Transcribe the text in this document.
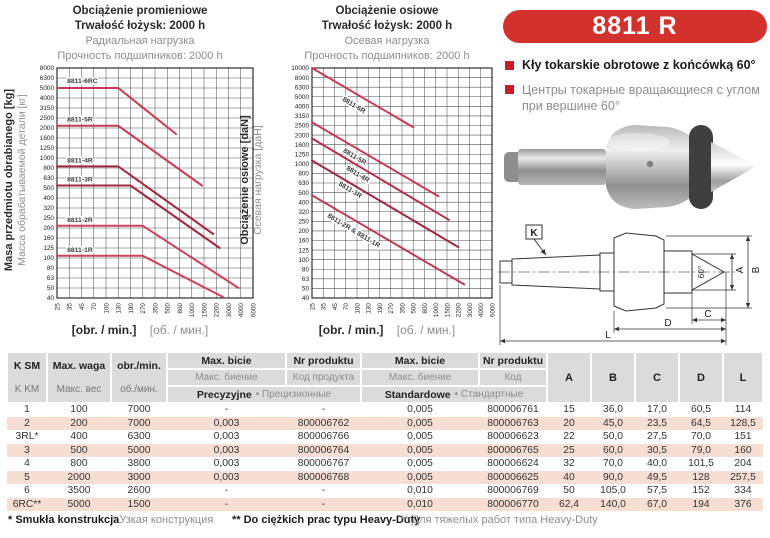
Obciążenie promieniowe
Trwałość łożysk: 2000 h
Радиальная нагрузка
Прочность подшипников: 2000 h
Masa przedmiotu obrabianego [kg] Масса обрабатываемой детали [кг]
8000
6300
5000
4000
3150
2500
2000
1600
1250
1000
800
630
500
400
320
250
200
160
125
100
80
63
50
40
25 35 45 70 100 130 190 270 350 500 800 1000 1500 2200 3000 4000 6000
8811-6RC
8811-5R
8811-4R
8811-3R
8811-2R
8811-1R
[obr. / min.] [об. / мин.]
Obciążenie osiowe
Trwałość łożysk: 2000 h
Осевая нагрузка
Прочность подшипников: 2000 h
Obciążenie osiowe [daN] Осевая нагрузка [даН]
10000
8000
6300
5000
4000
3150
2500
2000
1600
1250
1000
800
630
500
400
320
250
200
160
125
100
80
63
50
40
25 35 45 70 100 130 190 270 350 500 800 1000 1500 2200 3000 4000 6000
8811-6R
8811-5R
8811-4R
8811-3R
8811-2R & 8811-1R
[obr. / min.] [об. / мин.]
8811 R
Kły tokarskie obrotowe z końcówką 60°
Центры токарные вращающиеся с углом при вершине 60°
60°
K
A B
C
D
L
K SM
K KM
Max. waga
Макс. вес
obr./min.
об./мин.
Max. bicie	Nr produktu
Макс. биение	Код продукта
Precyzyjne • Прецизионные
Max. bicie	Nr produktu
Макс. биение	Код
Standardowe • Стандартные
A	B	C	D	L
1	100	7000	-	-	0,005	800006761	15	36,0	17,0	60,5	114
2	200	7000	0,003	800006762	0,005	800006763	20	45,0	23,5	64,5	128,5
3RL*	400	6300	0,003	800006766	0,005	800006623	22	50,0	27,5	70,0	151
3	500	5000	0,003	800006764	0,005	800006765	25	60,0	30,5	79,0	160
4	800	3800	0,003	800006767	0,005	800006624	32	70,0	40,0	101,5	204
5	2000	3000	0,003	800006768	0,005	800006625	40	90,0	49,5	128	257,5
6	3500	2600	-	-	0,010	800006769	50	105,0	57,5	152	334
6RC**	5000	1500	-	-	0,010	800006770	62,4	140,0	67,0	194	376
* Smukła konstrukcja
* Узкая конструкция ** Do ciężkich prac typu Heavy-Duty
** Для тяжелых работ типа Heavy-Duty
